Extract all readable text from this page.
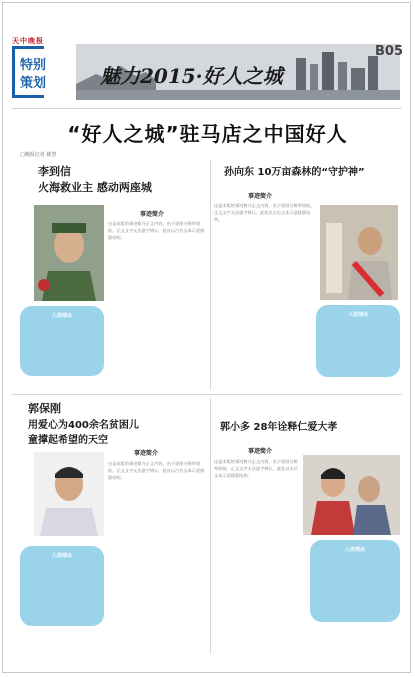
天中晚报
特别
策划	魅力2015·好人之城
B05
“好人之城”驻马店之中国好人
□晚报记者 姚慧
李到信
火海救业主 感动两座城
事迹简介
这是本版的事迹简介正文内容，由于原图分辨率较低，正文文字无法逐字辨认，此处以占位文本示意排版结构。
入选理由
孙向东 10万亩森林的“守护神”
事迹简介
这是本版的事迹简介正文内容，由于原图分辨率较低，正文文字无法逐字辨认，此处以占位文本示意排版结构。
入选理由
郭保刚
用爱心为400余名贫困儿
童撑起希望的天空
事迹简介
这是本版的事迹简介正文内容，由于原图分辨率较低，正文文字无法逐字辨认，此处以占位文本示意排版结构。
入选理由
郭小多 28年诠释仁爱大孝
事迹简介
这是本版的事迹简介正文内容，由于原图分辨率较低，正文文字无法逐字辨认，此处以占位文本示意排版结构。
入选理由
